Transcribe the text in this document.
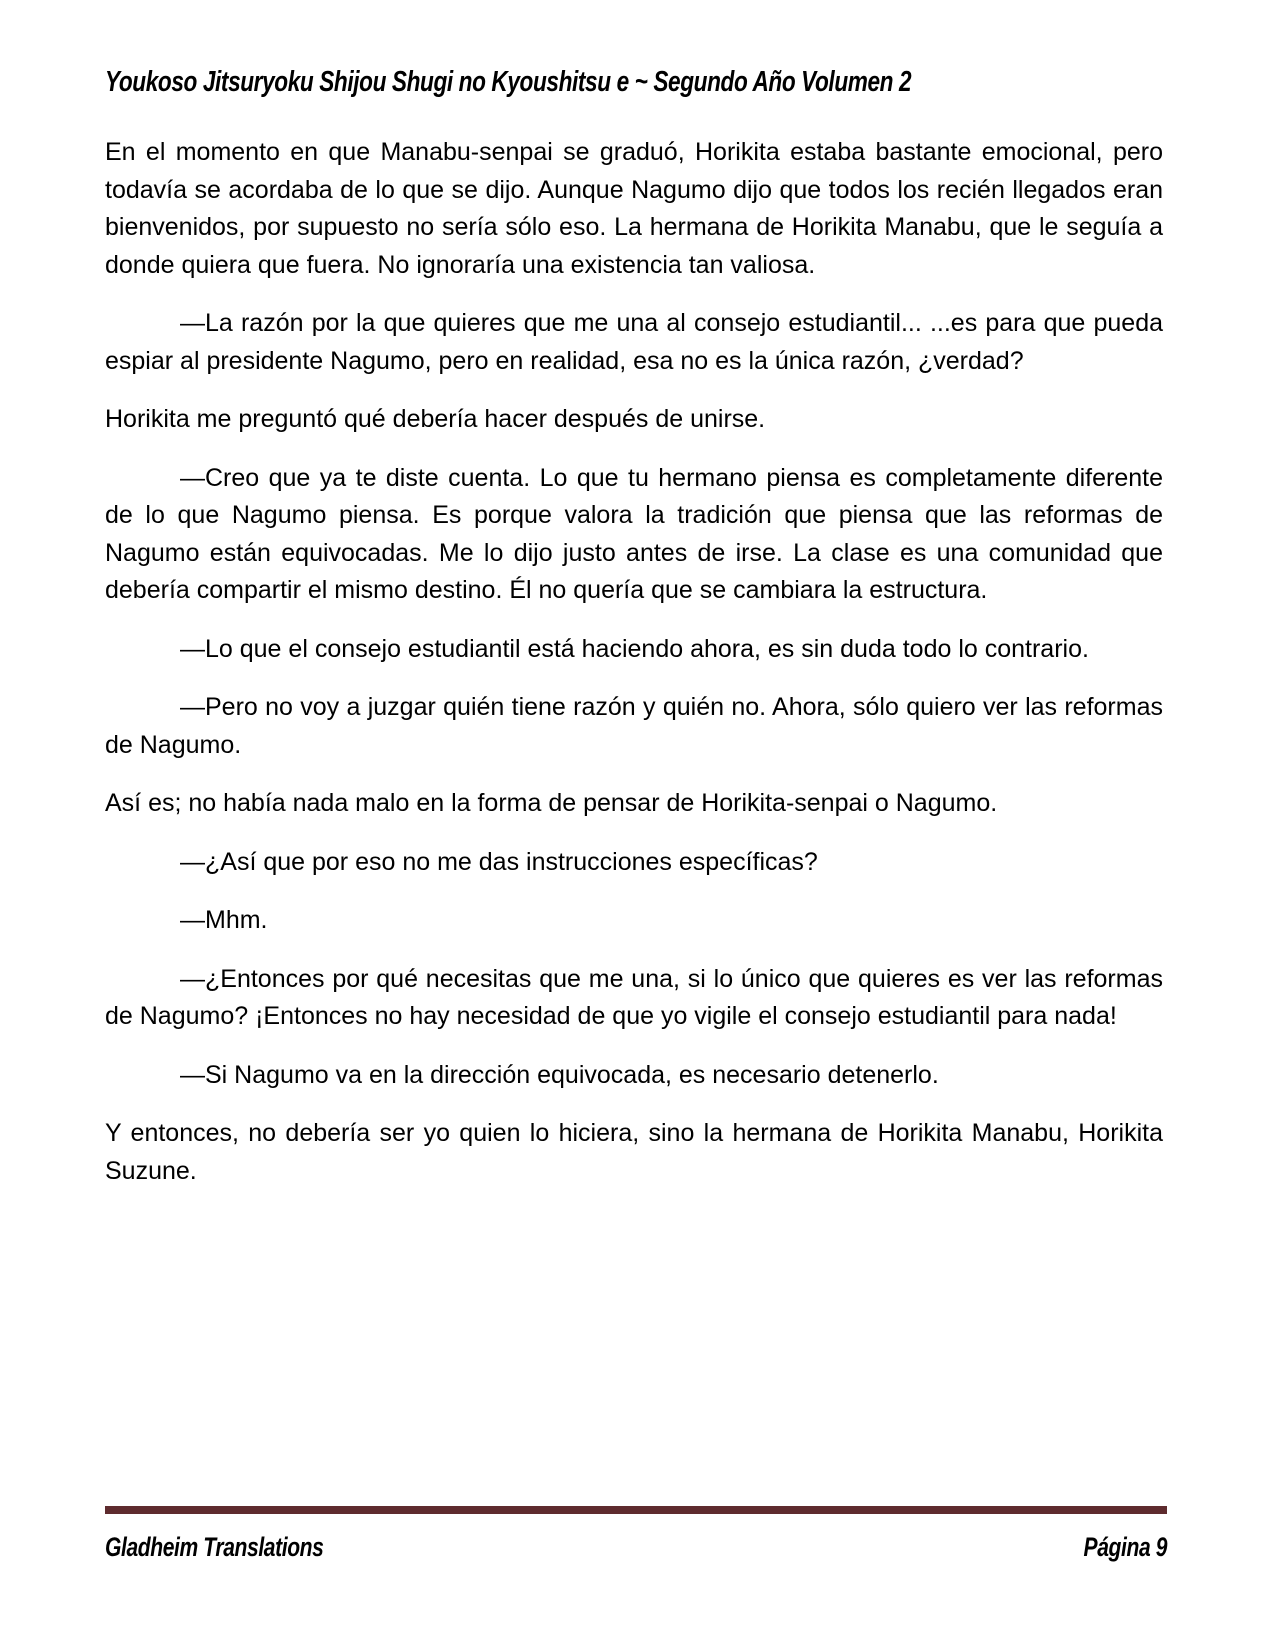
Youkoso Jitsuryoku Shijou Shugi no Kyoushitsu e ~ Segundo Año Volumen 2
En el momento en que Manabu-senpai se graduó, Horikita estaba bastante emocional, pero todavía se acordaba de lo que se dijo. Aunque Nagumo dijo que todos los recién llegados eran bienvenidos, por supuesto no sería sólo eso. La hermana de Horikita Manabu, que le seguía a donde quiera que fuera. No ignoraría una existencia tan valiosa.
—La razón por la que quieres que me una al consejo estudiantil... ...es para que pueda espiar al presidente Nagumo, pero en realidad, esa no es la única razón, ¿verdad?
Horikita me preguntó qué debería hacer después de unirse.
—Creo que ya te diste cuenta. Lo que tu hermano piensa es completamente diferente de lo que Nagumo piensa. Es porque valora la tradición que piensa que las reformas de Nagumo están equivocadas. Me lo dijo justo antes de irse. La clase es una comunidad que debería compartir el mismo destino. Él no quería que se cambiara la estructura.
—Lo que el consejo estudiantil está haciendo ahora, es sin duda todo lo contrario.
—Pero no voy a juzgar quién tiene razón y quién no. Ahora, sólo quiero ver las reformas de Nagumo.
Así es; no había nada malo en la forma de pensar de Horikita-senpai o Nagumo.
—¿Así que por eso no me das instrucciones específicas?
—Mhm.
—¿Entonces por qué necesitas que me una, si lo único que quieres es ver las reformas de Nagumo? ¡Entonces no hay necesidad de que yo vigile el consejo estudiantil para nada!
—Si Nagumo va en la dirección equivocada, es necesario detenerlo.
Y entonces, no debería ser yo quien lo hiciera, sino la hermana de Horikita Manabu, Horikita Suzune.
Gladheim Translations	Página 9
